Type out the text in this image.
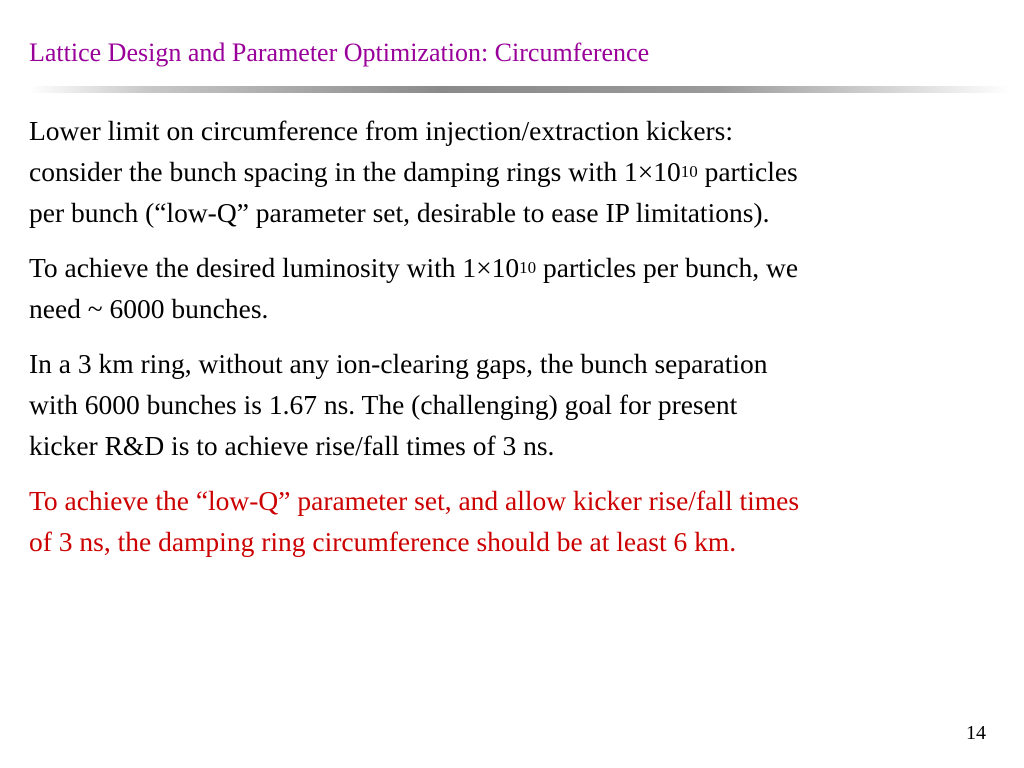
Lattice Design and Parameter Optimization: Circumference

Lower limit on circumference from injection/extraction kickers:
consider the bunch spacing in the damping rings with $1\times 10^{10}$ particles
per bunch (“low-Q” parameter set, desirable to ease IP limitations).

To achieve the desired luminosity with $1\times 10^{10}$ particles per bunch, we
need ~ 6000 bunches.

In a 3 km ring, without any ion-clearing gaps, the bunch separation
with 6000 bunches is 1.67 ns. The (challenging) goal for present
kicker R&D is to achieve rise/fall times of 3 ns.

To achieve the “low-Q” parameter set, and allow kicker rise/fall times
of 3 ns, the damping ring circumference should be at least 6 km.

14
